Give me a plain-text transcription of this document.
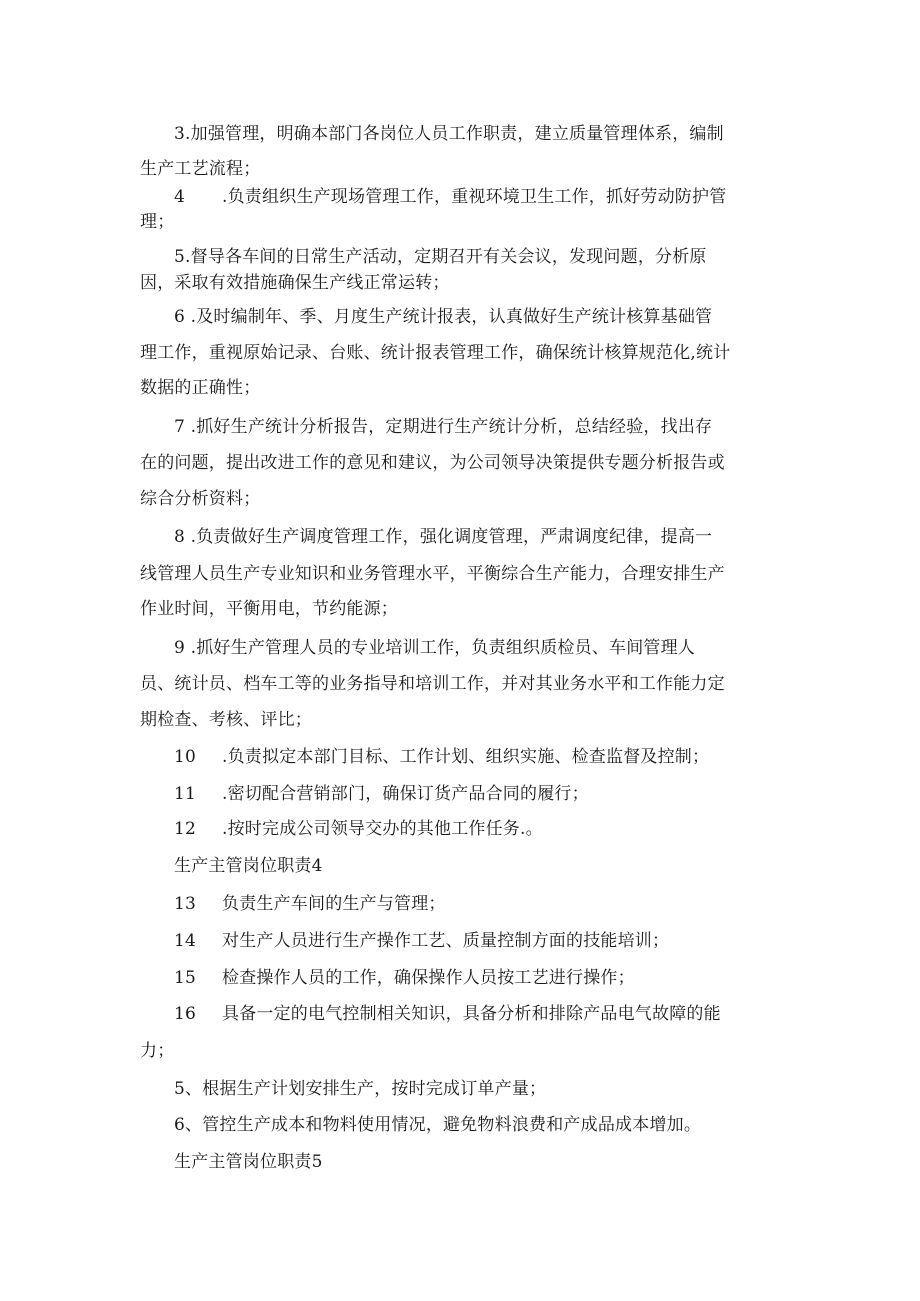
3.加强管理，明确本部门各岗位人员工作职责，建立质量管理体系，编制
生产工艺流程；
4 .负责组织生产现场管理工作，重视环境卫生工作，抓好劳动防护管
理；
5.督导各车间的日常生产活动，定期召开有关会议，发现问题，分析原
因，采取有效措施确保生产线正常运转；
6 .及时编制年、季、月度生产统计报表，认真做好生产统计核算基础管
理工作，重视原始记录、台账、统计报表管理工作，确保统计核算规范化,统计
数据的正确性；
7 .抓好生产统计分析报告，定期进行生产统计分析，总结经验，找出存
在的问题，提出改进工作的意见和建议，为公司领导决策提供专题分析报告或
综合分析资料；
8 .负责做好生产调度管理工作，强化调度管理，严肃调度纪律，提高一
线管理人员生产专业知识和业务管理水平，平衡综合生产能力，合理安排生产
作业时间，平衡用电，节约能源；
9 .抓好生产管理人员的专业培训工作，负责组织质检员、车间管理人
员、统计员、档车工等的业务指导和培训工作，并对其业务水平和工作能力定
期检查、考核、评比；
10 .负责拟定本部门目标、工作计划、组织实施、检查监督及控制；
11 .密切配合营销部门，确保订货产品合同的履行；
12 .按时完成公司领导交办的其他工作任务.。
生产主管岗位职责4
13 负责生产车间的生产与管理；
14 对生产人员进行生产操作工艺、质量控制方面的技能培训；
15 检查操作人员的工作，确保操作人员按工艺进行操作；
16 具备一定的电气控制相关知识，具备分析和排除产品电气故障的能
力；
5、根据生产计划安排生产，按时完成订单产量；
6、管控生产成本和物料使用情况，避免物料浪费和产成品成本增加。
生产主管岗位职责5
